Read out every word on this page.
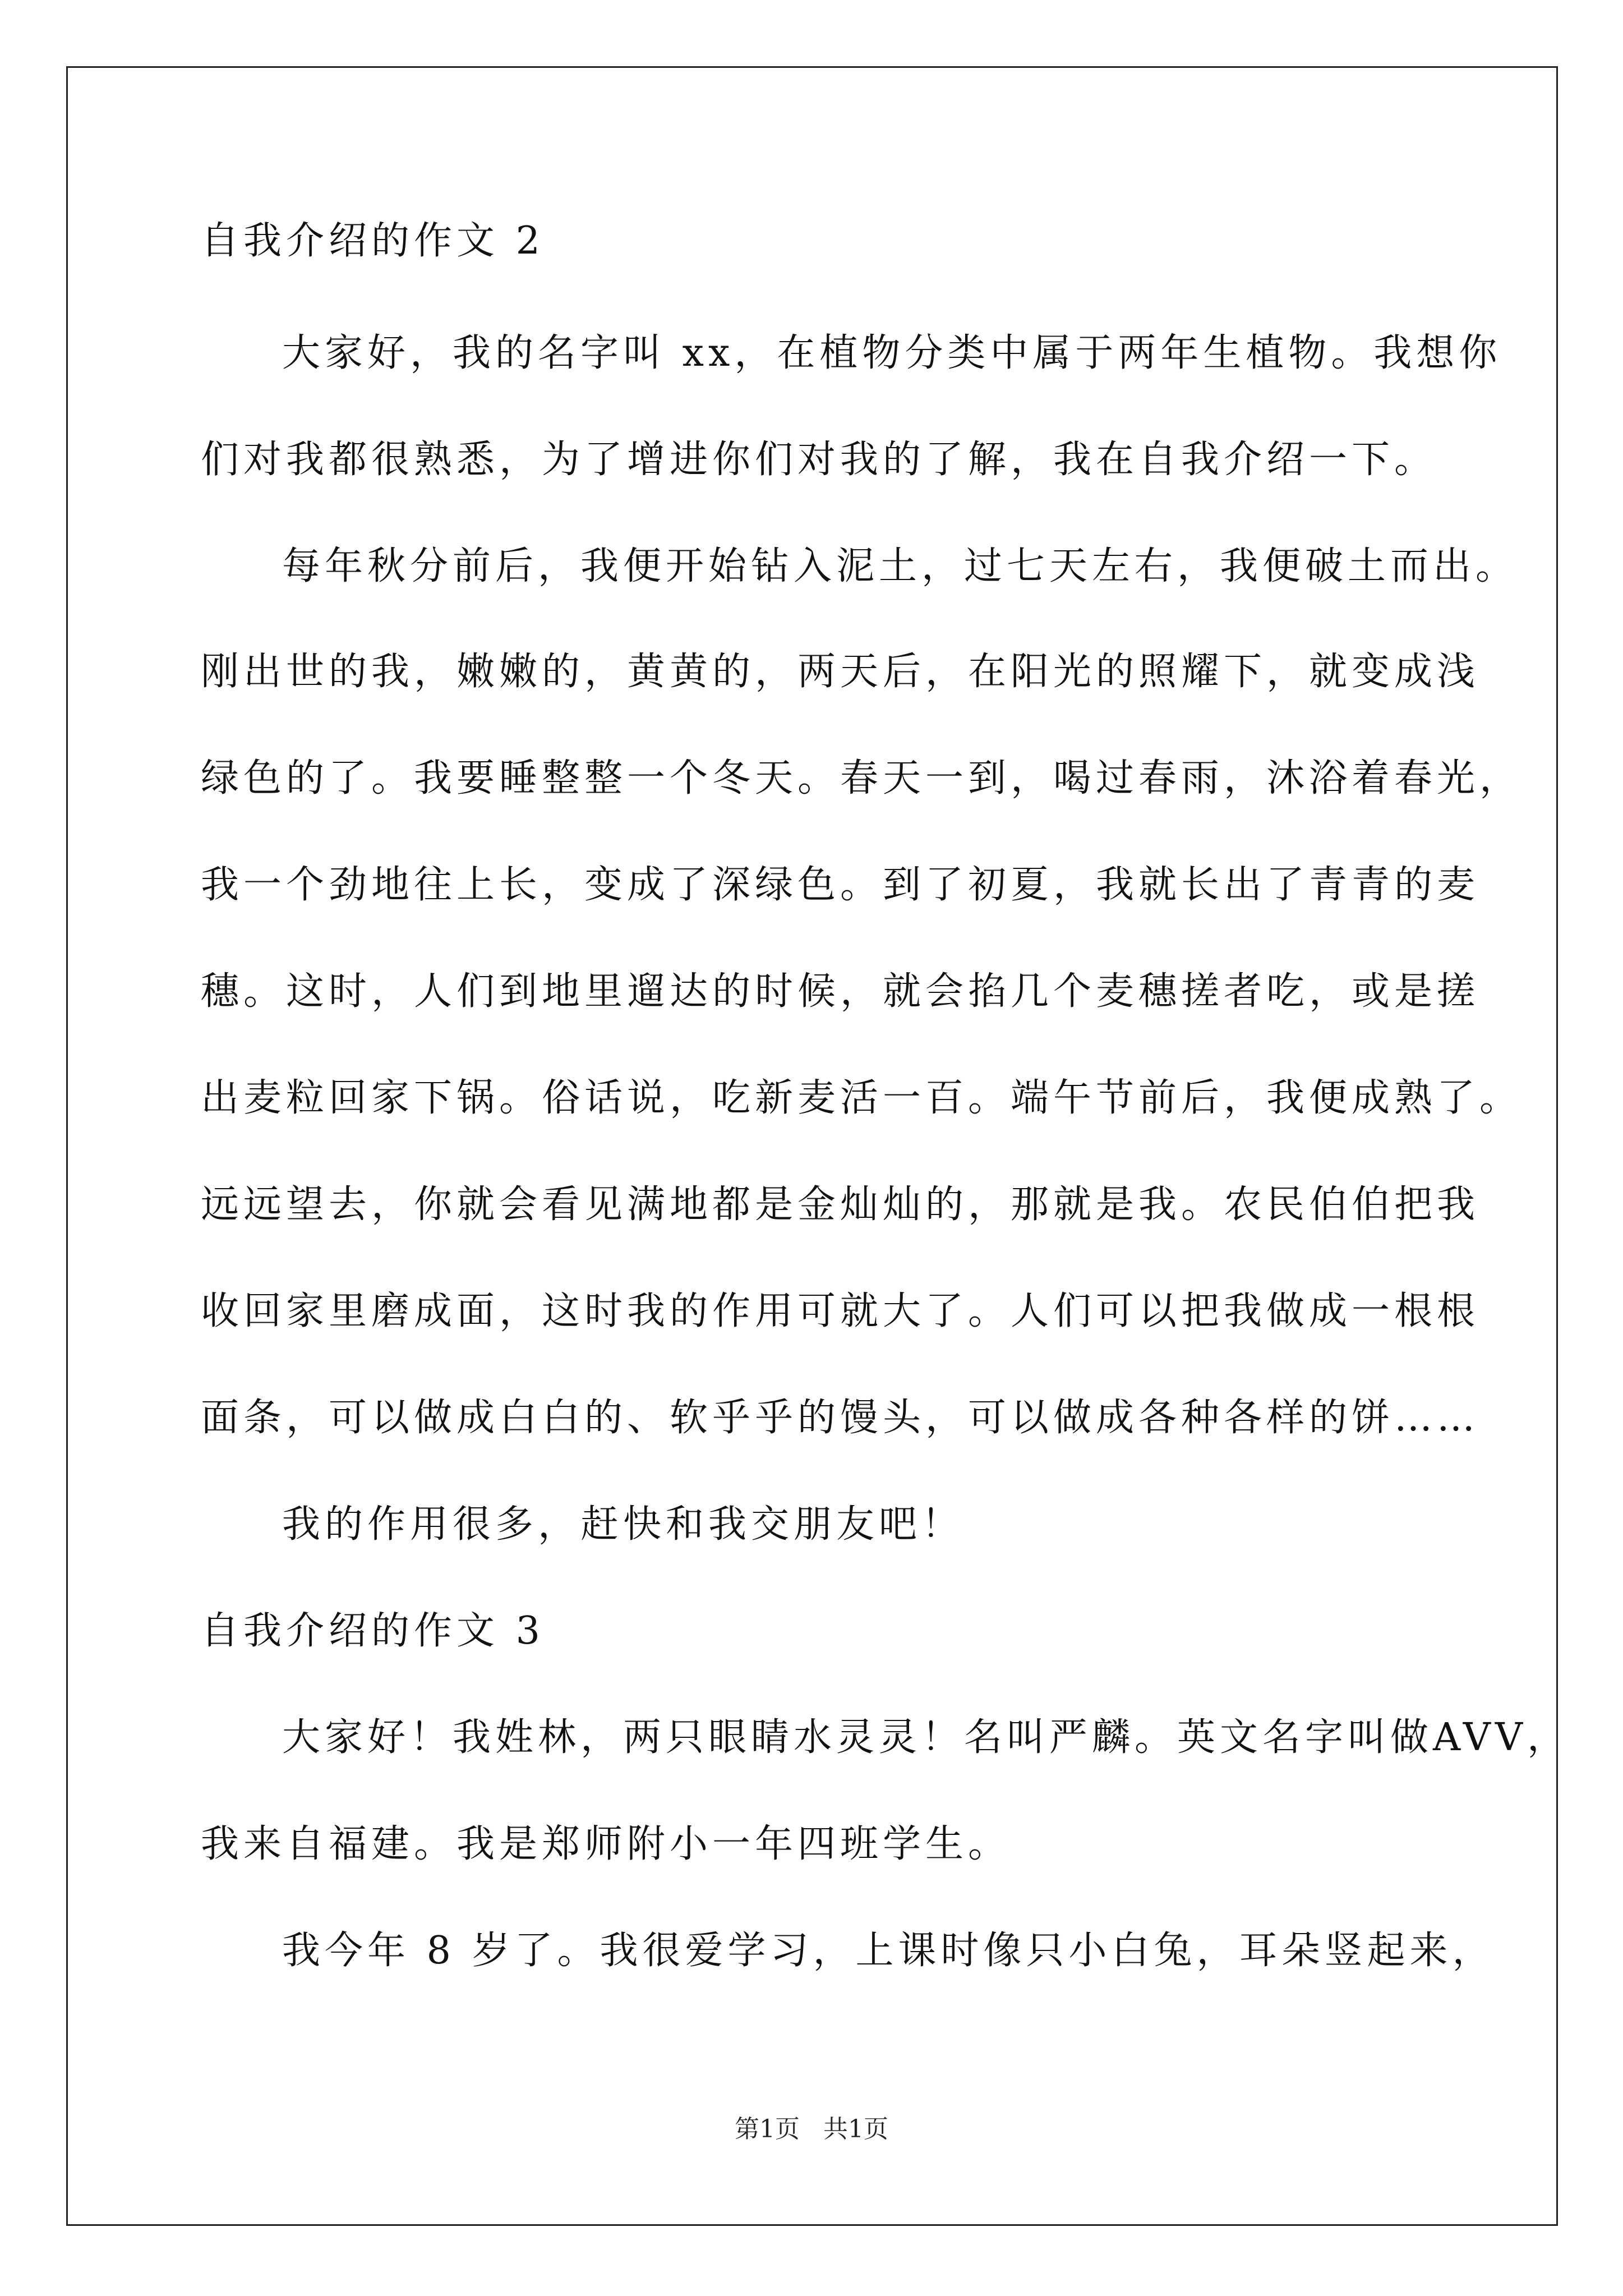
自我介绍的作文 2
大家好，我的名字叫 xx，在植物分类中属于两年生植物。我想你
们对我都很熟悉，为了增进你们对我的了解，我在自我介绍一下。
每年秋分前后，我便开始钻入泥土，过七天左右，我便破土而出。
刚出世的我，嫩嫩的，黄黄的，两天后，在阳光的照耀下，就变成浅
绿色的了。我要睡整整一个冬天。春天一到，喝过春雨，沐浴着春光，
我一个劲地往上长，变成了深绿色。到了初夏，我就长出了青青的麦
穗。这时，人们到地里遛达的时候，就会掐几个麦穗搓者吃，或是搓
出麦粒回家下锅。俗话说，吃新麦活一百。端午节前后，我便成熟了。
远远望去，你就会看见满地都是金灿灿的，那就是我。农民伯伯把我
收回家里磨成面，这时我的作用可就大了。人们可以把我做成一根根
面条，可以做成白白的、软乎乎的馒头，可以做成各种各样的饼……
我的作用很多，赶快和我交朋友吧！
自我介绍的作文 3
大家好！我姓林，两只眼睛水灵灵！名叫严麟。英文名字叫做AVV，
我来自福建。我是郑师附小一年四班学生。
我今年 8 岁了。我很爱学习，上课时像只小白兔，耳朵竖起来，
第1页   共1页
